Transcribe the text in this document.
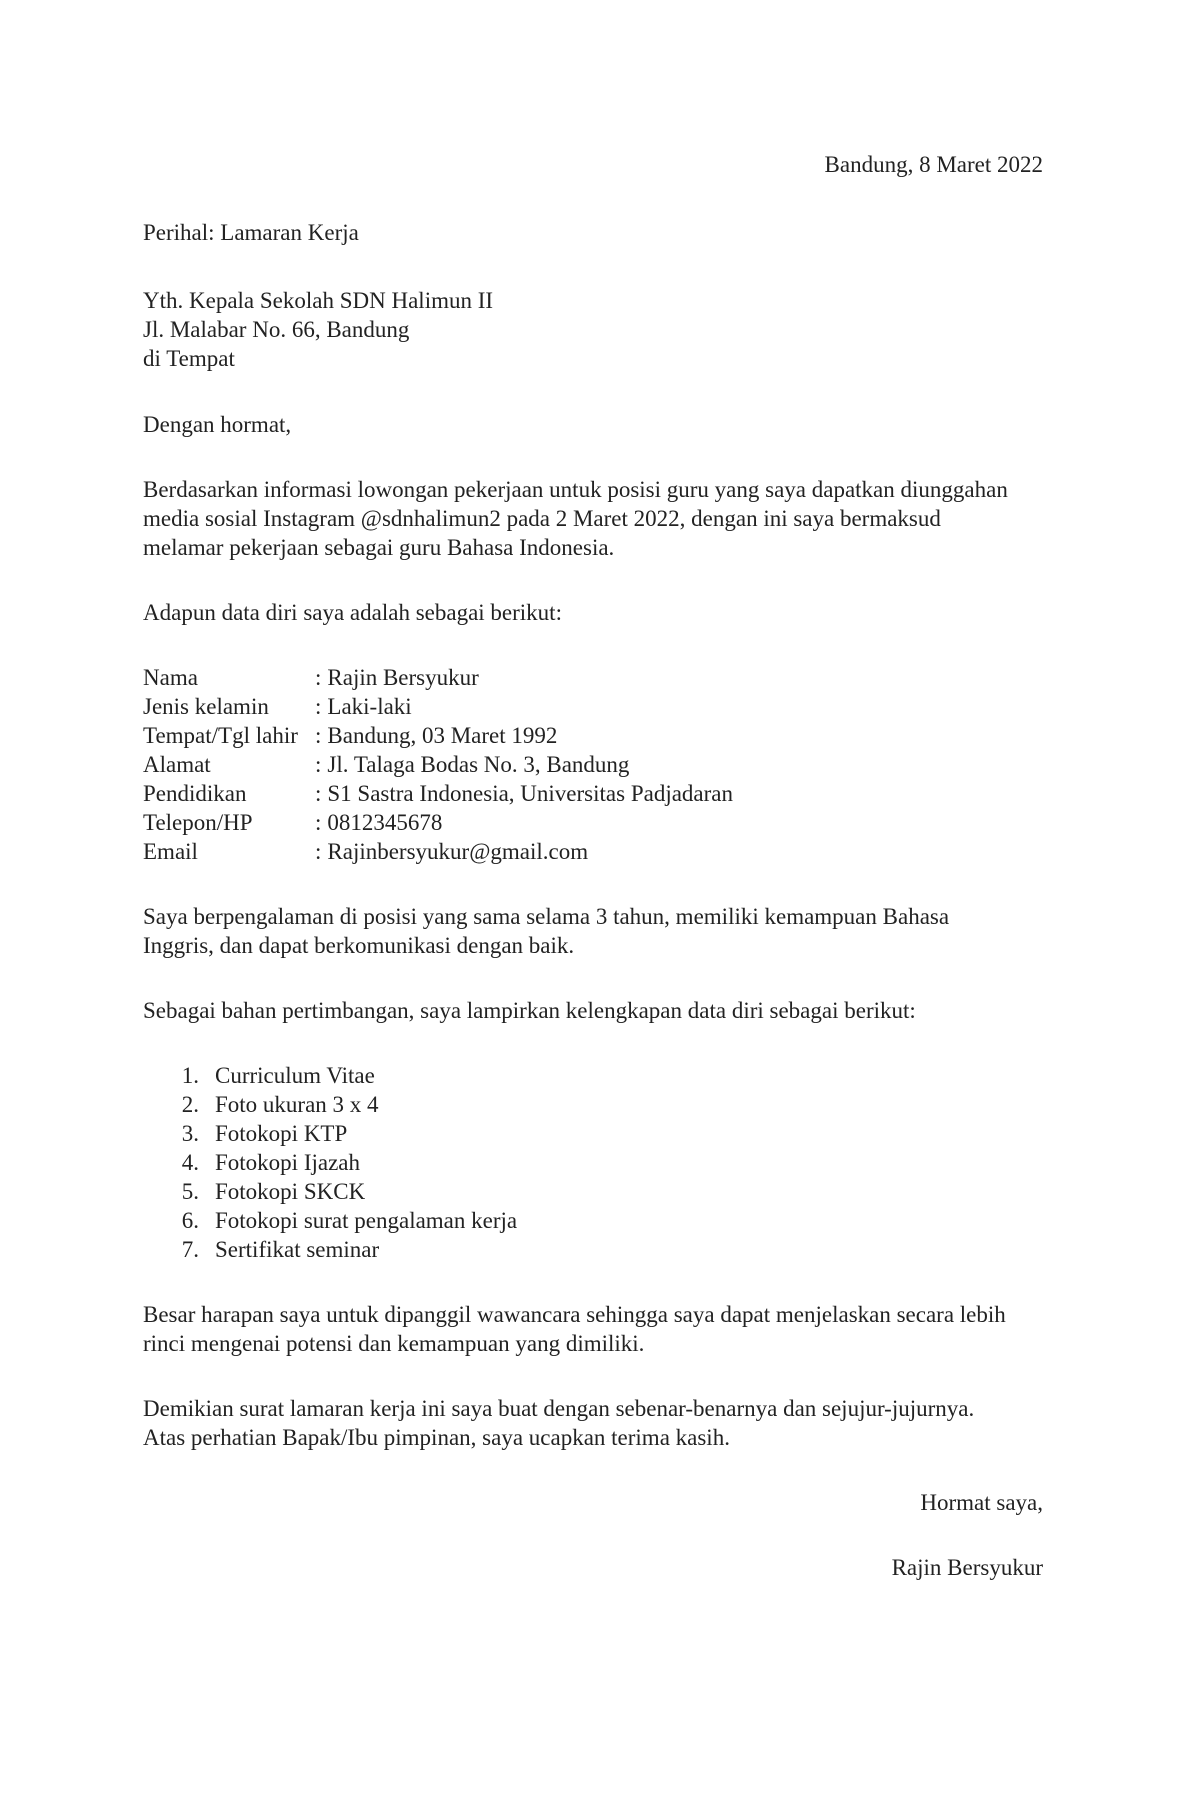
Bandung, 8 Maret 2022

Perihal: Lamaran Kerja

Yth. Kepala Sekolah SDN Halimun II

Jl. Malabar No. 66, Bandung

di Tempat

Dengan hormat,

Berdasarkan informasi lowongan pekerjaan untuk posisi guru yang saya dapatkan diunggahan

media sosial Instagram @sdnhalimun2 pada 2 Maret 2022, dengan ini saya bermaksud

melamar pekerjaan sebagai guru Bahasa Indonesia.

Adapun data diri saya adalah sebagai berikut:

Nama	: Rajin Bersyukur
Jenis kelamin	: Laki-laki
Tempat/Tgl lahir : Bandung, 03 Maret 1992
Alamat	: Jl. Talaga Bodas No. 3, Bandung
Pendidikan	: S1 Sastra Indonesia, Universitas Padjadaran
Telepon/HP	: 0812345678
Email	: Rajinbersyukur@gmail.com

Saya berpengalaman di posisi yang sama selama 3 tahun, memiliki kemampuan Bahasa

Inggris, dan dapat berkomunikasi dengan baik.

Sebagai bahan pertimbangan, saya lampirkan kelengkapan data diri sebagai berikut:

1. Curriculum Vitae
2. Foto ukuran 3 x 4
3. Fotokopi KTP
4. Fotokopi Ijazah
5. Fotokopi SKCK
6. Fotokopi surat pengalaman kerja
7. Sertifikat seminar

Besar harapan saya untuk dipanggil wawancara sehingga saya dapat menjelaskan secara lebih

rinci mengenai potensi dan kemampuan yang dimiliki.

Demikian surat lamaran kerja ini saya buat dengan sebenar-benarnya dan sejujur-jujurnya.

Atas perhatian Bapak/Ibu pimpinan, saya ucapkan terima kasih.

Hormat saya,

Rajin Bersyukur
